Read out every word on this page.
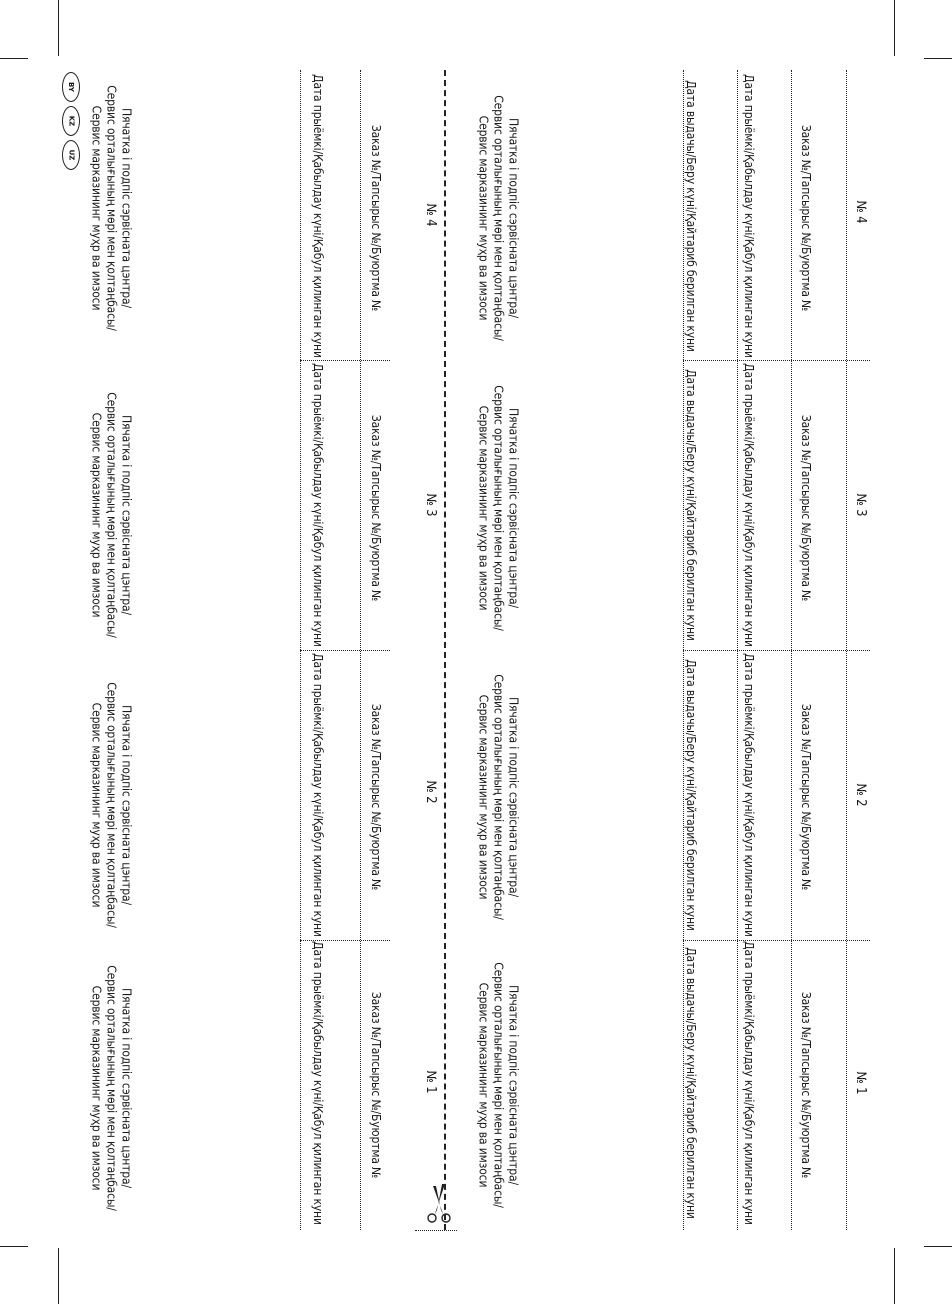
BY
KZ
UZ
№ 4
Заказ №/Тапсырыс №/Буюртма №
Дата прыёмкі/Қабылдау күні/Қабул қилинган куни
Дата выдачы/Беру күні/Қайтариб берилган куни
Пячатка і подпіс сэрвісната цэнтра/
Сервис орталығының мөрі мен қолтаңбасы/
Сервис марказининг муҳр ва имзоси
№ 4
Заказ №/Тапсырыс №/Буюртма №
Дата прыёмкі/Қабылдау күні/Қабул қилинган куни
Пячатка і подпіс сэрвісната цэнтра/
Сервис орталығының мөрі мен қолтаңбасы/
Сервис марказининг муҳр ва имзоси
№ 3
Заказ №/Тапсырыс №/Буюртма №
Дата прыёмкі/Қабылдау күні/Қабул қилинган куни
Дата выдачы/Беру күні/Қайтариб берилган куни
Пячатка і подпіс сэрвісната цэнтра/
Сервис орталығының мөрі мен қолтаңбасы/
Сервис марказининг муҳр ва имзоси
№ 3
Заказ №/Тапсырыс №/Буюртма №
Дата прыёмкі/Қабылдау күні/Қабул қилинган куни
Пячатка і подпіс сэрвісната цэнтра/
Сервис орталығының мөрі мен қолтаңбасы/
Сервис марказининг муҳр ва имзоси
№ 2
Заказ №/Тапсырыс №/Буюртма №
Дата прыёмкі/Қабылдау күні/Қабул қилинган куни
Дата выдачы/Беру күні/Қайтариб берилган куни
Пячатка і подпіс сэрвісната цэнтра/
Сервис орталығының мөрі мен қолтаңбасы/
Сервис марказининг муҳр ва имзоси
№ 2
Заказ №/Тапсырыс №/Буюртма №
Дата прыёмкі/Қабылдау күні/Қабул қилинган куни
Пячатка і подпіс сэрвісната цэнтра/
Сервис орталығының мөрі мен қолтаңбасы/
Сервис марказининг муҳр ва имзоси
№ 1
Заказ №/Тапсырыс №/Буюртма №
Дата прыёмкі/Қабылдау күні/Қабул қилинган куни
Дата выдачы/Беру күні/Қайтариб берилган куни
Пячатка і подпіс сэрвісната цэнтра/
Сервис орталығының мөрі мен қолтаңбасы/
Сервис марказининг муҳр ва имзоси
№ 1
Заказ №/Тапсырыс №/Буюртма №
Дата прыёмкі/Қабылдау күні/Қабул қилинган куни
Пячатка і подпіс сэрвісната цэнтра/
Сервис орталығының мөрі мен қолтаңбасы/
Сервис марказининг муҳр ва имзоси
